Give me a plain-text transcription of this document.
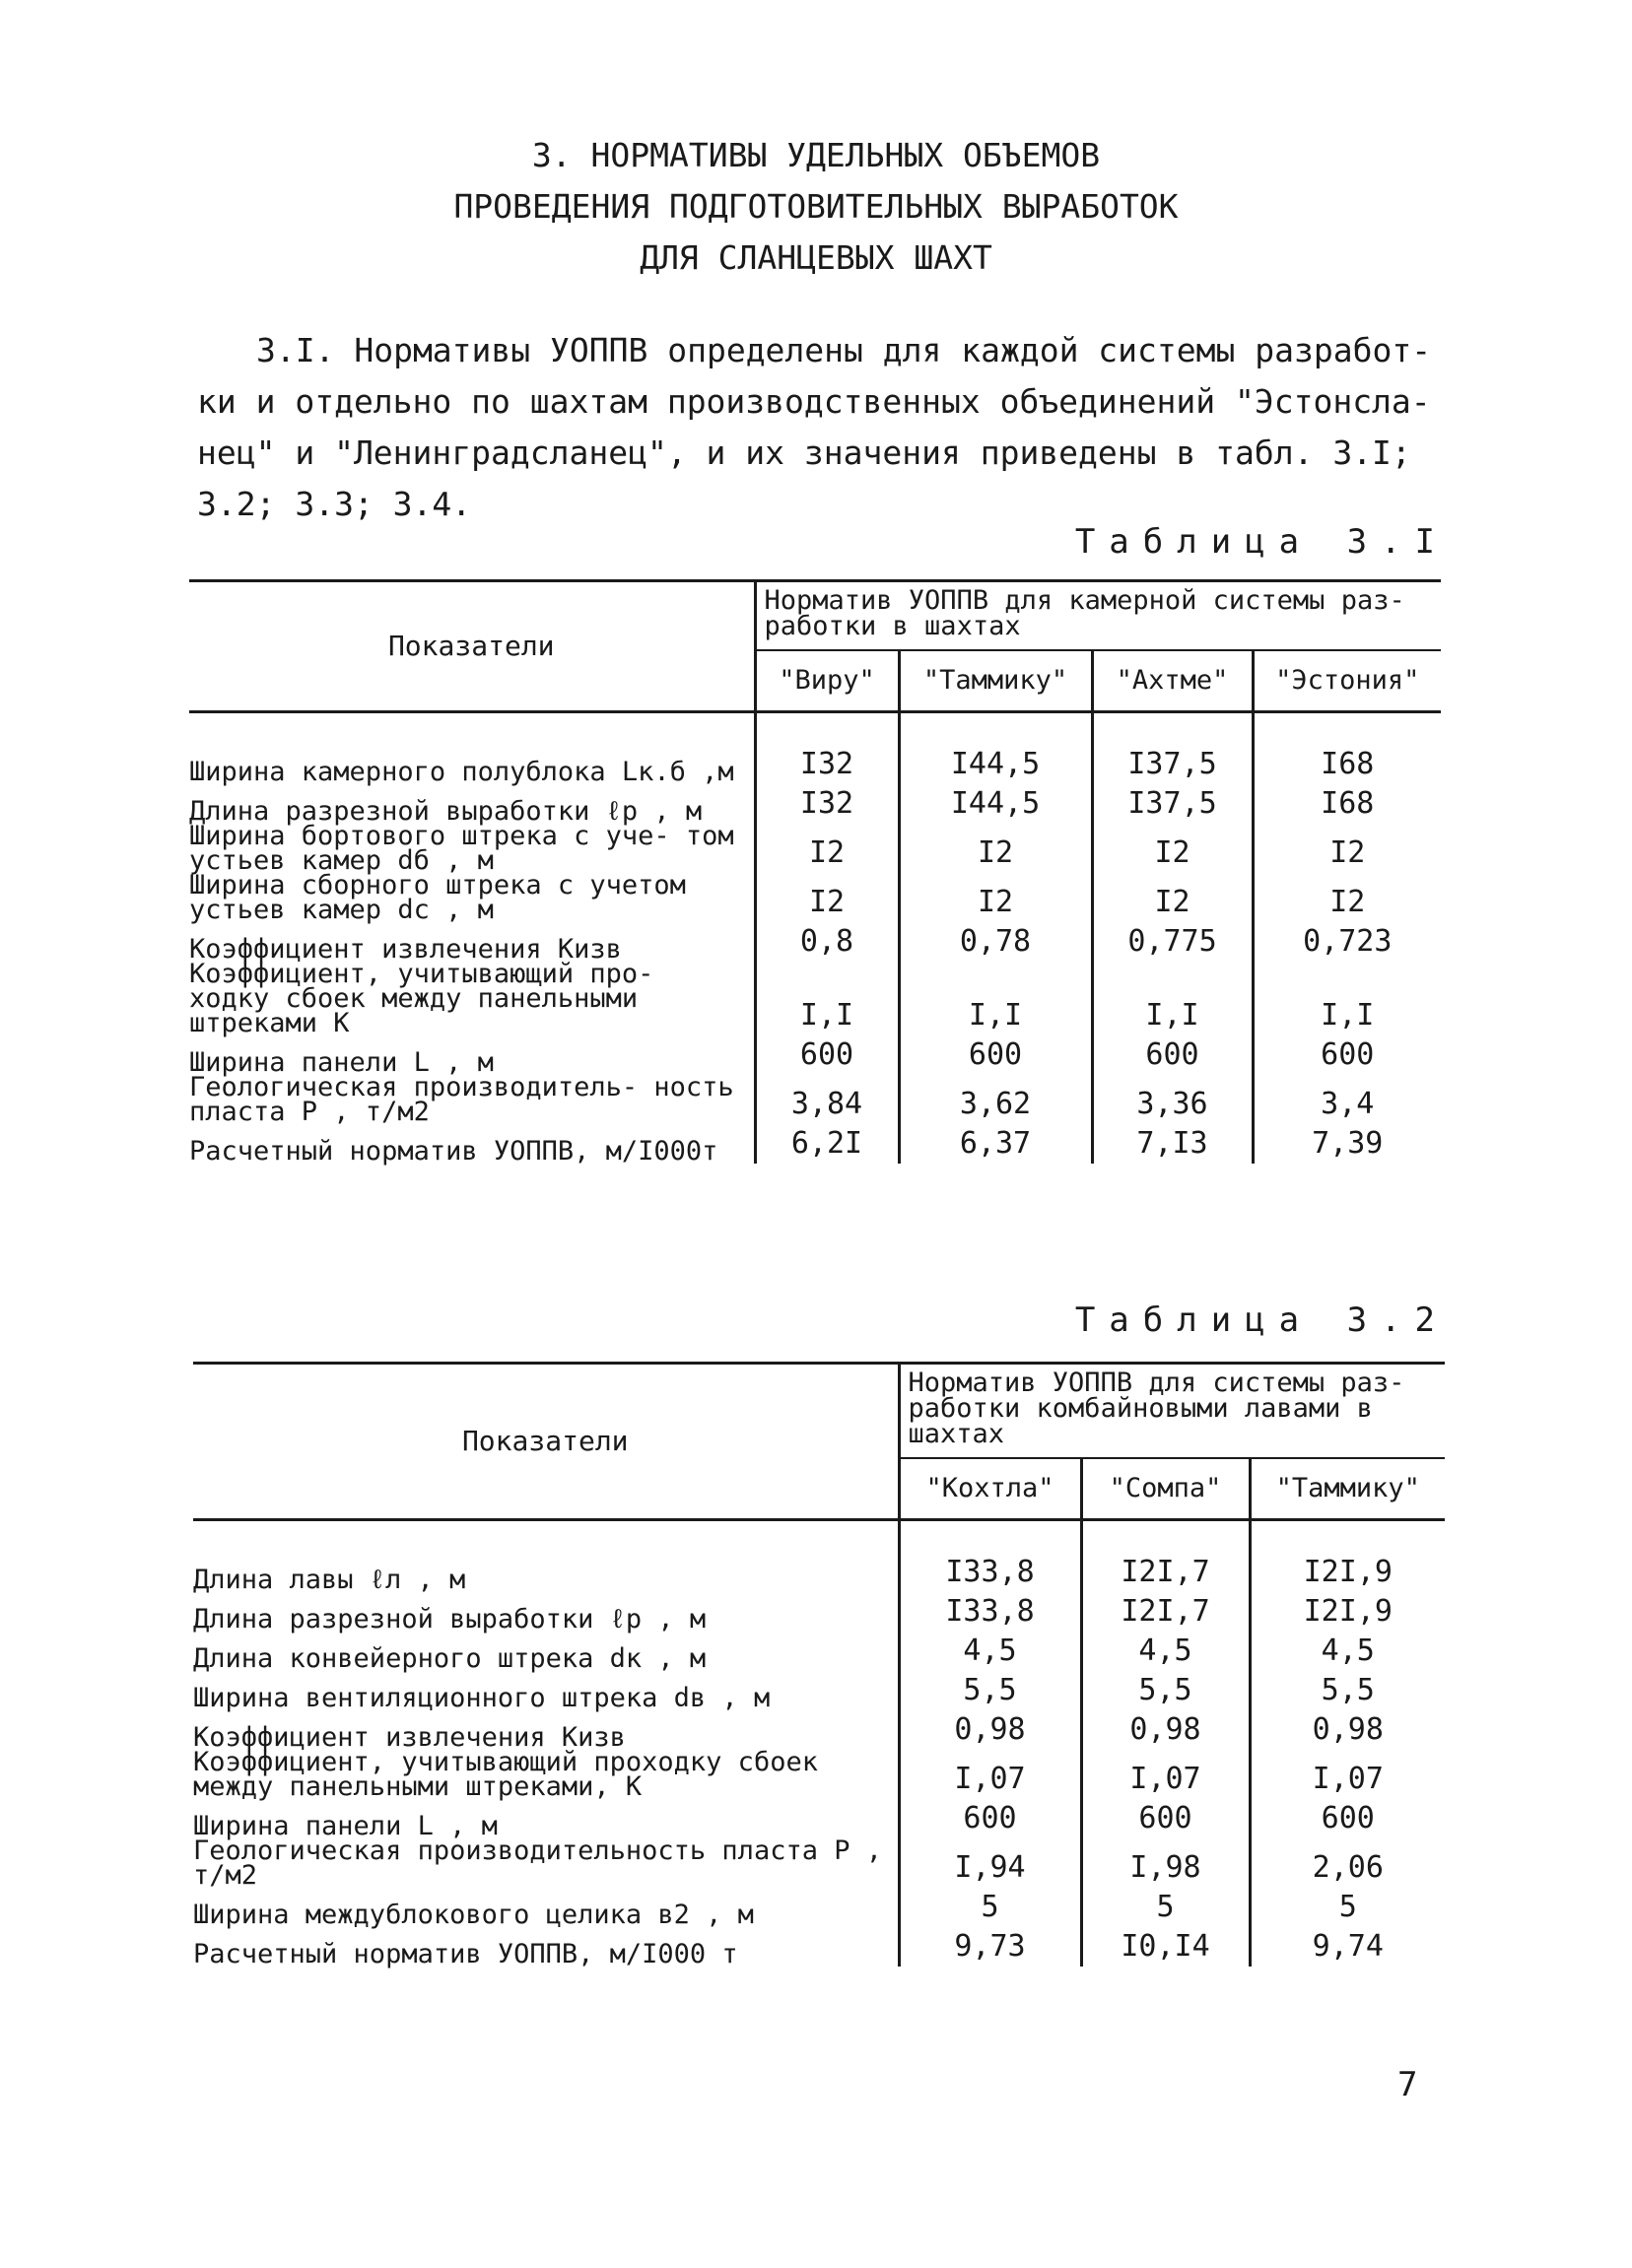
3. НОРМАТИВЫ УДЕЛЬНЫХ ОБЪЕМОВ
ПРОВЕДЕНИЯ ПОДГОТОВИТЕЛЬНЫХ ВЫРАБОТОК
ДЛЯ СЛАНЦЕВЫХ ШАХТ
3.I. Нормативы УОППВ определены для каждой системы разработ-
ки и отдельно по шахтам производственных объединений "Эстонсла-
нец" и "Ленинградсланец", и их значения приведены в табл. 3.I;
3.2; 3.3; 3.4.
Таблица 3.I
Показатели	Норматив УОППВ для камерной системы раз- работки в шахтах			
	"Виру"	"Таммику"	"Ахтме"	"Эстония"

Ширина камерного полублока Lк.б ,м	I32	I44,5	I37,5	I68
Длина разрезной выработки ℓр , м	I32	I44,5	I37,5	I68
Ширина бортового штрека с уче- том устьев камер dб , м	I2	I2	I2	I2
Ширина сборного штрека с учетом устьев камер dс , м	I2	I2	I2	I2
Коэффициент извлечения Kизв	0,8	0,78	0,775	0,723
Коэффициент, учитывающий про- ходку сбоек между панельными штреками K	I,I	I,I	I,I	I,I
Ширина панели L , м	600	600	600	600
Геологическая производитель- ность пласта P , т/м2	3,84	3,62	3,36	3,4
Расчетный норматив УОППВ, м/I000т	6,2I	6,37	7,I3	7,39
Таблица 3.2
Показатели	Норматив УОППВ для системы раз- работки комбайновыми лавами в шахтах		
	"Кохтла"	"Сомпа"	"Таммику"

Длина лавы ℓл , м	I33,8	I2I,7	I2I,9
Длина разрезной выработки ℓр , м	I33,8	I2I,7	I2I,9
Длина конвейерного штрека dк , м	4,5	4,5	4,5
Ширина вентиляционного штрека dв , м	5,5	5,5	5,5
Коэффициент извлечения Kизв	0,98	0,98	0,98
Коэффициент, учитывающий проходку сбоек между панельными штреками, K	I,07	I,07	I,07
Ширина панели L , м	600	600	600
Геологическая производительность пласта P , т/м2	I,94	I,98	2,06
Ширина междублокового целика в2 , м	5	5	5
Расчетный норматив УОППВ, м/I000 т	9,73	I0,I4	9,74
7
